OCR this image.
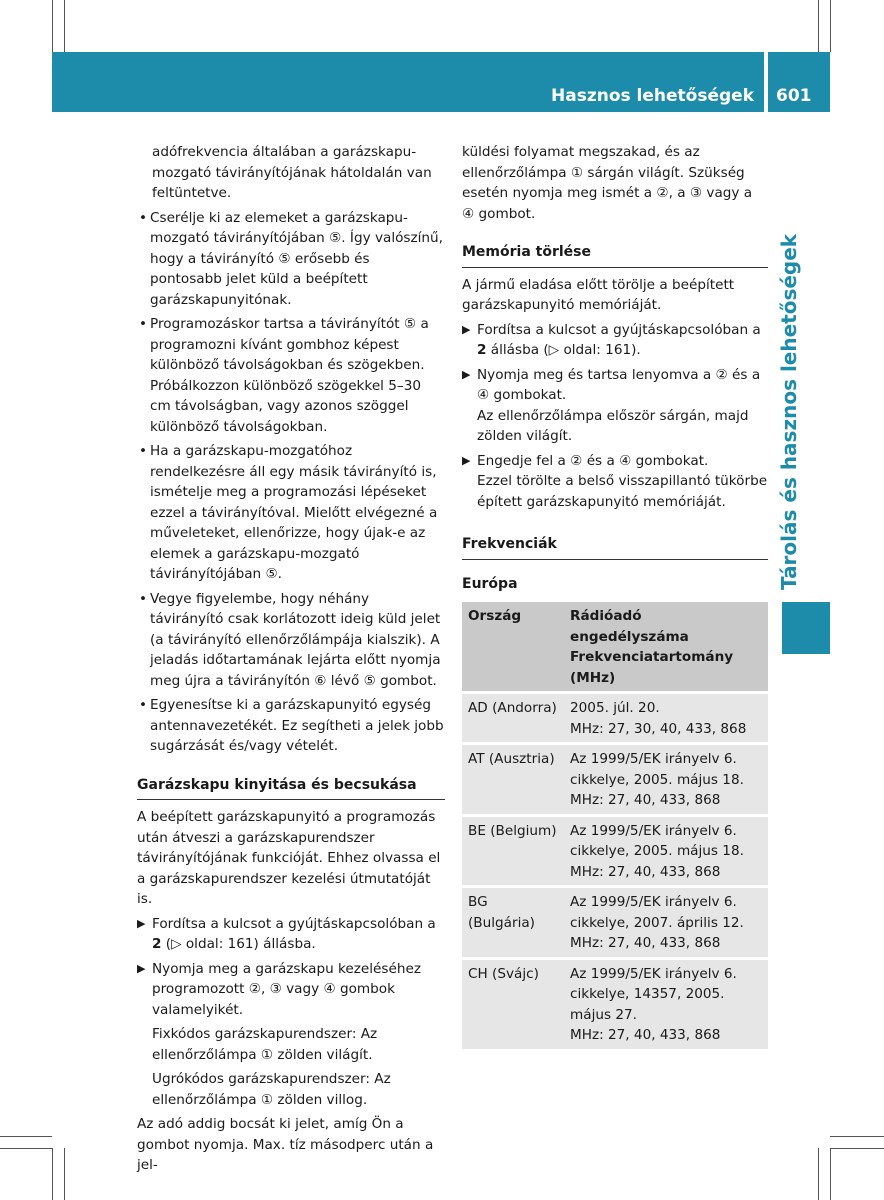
Hasznos lehetőségek 601
Tárolás és hasznos lehetőségek

adófrekvencia általában a garázskapu-mozgató távirányítójának hátoldalán van feltüntetve.

• Cserélje ki az elemeket a garázskapu-mozgató távirányítójában ⑤. Így valószínű, hogy a távirányító ⑤ erősebb és pontosabb jelet küld a beépített garázskapunyitónak.
• Programozáskor tartsa a távirányítót ⑤ a programozni kívánt gombhoz képest különböző távolságokban és szögekben. Próbálkozzon különböző szögekkel 5–30 cm távolságban, vagy azonos szöggel különböző távolságokban.
• Ha a garázskapu-mozgatóhoz rendelkezésre áll egy másik távirányító is, ismételje meg a programozási lépéseket ezzel a távirányítóval. Mielőtt elvégezné a műveleteket, ellenőrizze, hogy újak-e az elemek a garázskapu-mozgató távirányítójában ⑤.
• Vegye figyelembe, hogy néhány távirányító csak korlátozott ideig küld jelet (a távirányító ellenőrzőlámpája kialszik). A jeladás időtartamának lejárta előtt nyomja meg újra a távirányítón ⑥ lévő ⑤ gombot.
• Egyenesítse ki a garázskapunyitó egység antennavezetékét. Ez segítheti a jelek jobb sugárzását és/vagy vételét.
Garázskapu kinyitása és becsukása

A beépített garázskapunyitó a programozás után átveszi a garázskapurendszer távirányítójának funkcióját. Ehhez olvassa el a garázskapurendszer kezelési útmutatóját is.

▶ Fordítsa a kulcsot a gyújtáskapcsolóban a 2 (▷ oldal: 161) állásba.
▶ Nyomja meg a garázskapu kezeléséhez programozott ②, ③ vagy ④ gombok valamelyikét.
Fixkódos garázskapurendszer: Az ellenőrzőlámpa ① zölden világít.
Ugrókódos garázskapurendszer: Az ellenőrzőlámpa ① zölden villog.

Az adó addig bocsát ki jelet, amíg Ön a gombot nyomja. Max. tíz másodperc után a jel-

küldési folyamat megszakad, és az ellenőrzőlámpa ① sárgán világít. Szükség esetén nyomja meg ismét a ②, a ③ vagy a ④ gombot.

Memória törlése

A jármű eladása előtt törölje a beépített garázskapunyitó memóriáját.

▶ Fordítsa a kulcsot a gyújtáskapcsolóban a 2 állásba (▷ oldal: 161).
▶ Nyomja meg és tartsa lenyomva a ② és a ④ gombokat.
Az ellenőrzőlámpa először sárgán, majd zölden világít.
▶ Engedje fel a ② és a ④ gombokat.
Ezzel törölte a belső visszapillantó tükörbe épített garázskapunyitó memóriáját.
Frekvenciák
Európa
Ország	Rádióadó engedélyszáma
Frekvenciatartomány (MHz)

AD (Andorra)	2005. júl. 20.
MHz: 27, 30, 40, 433, 868

AT (Ausztria)	Az 1999/5/EK irányelv 6. cikkelye, 2005. május 18.
MHz: 27, 40, 433, 868

BE (Belgium)	Az 1999/5/EK irányelv 6. cikkelye, 2005. május 18.
MHz: 27, 40, 433, 868

BG (Bulgária)	Az 1999/5/EK irányelv 6. cikkelye, 2007. április 12.
MHz: 27, 40, 433, 868

CH (Svájc)	Az 1999/5/EK irányelv 6. cikkelye, 14357, 2005. május 27.
MHz: 27, 40, 433, 868
